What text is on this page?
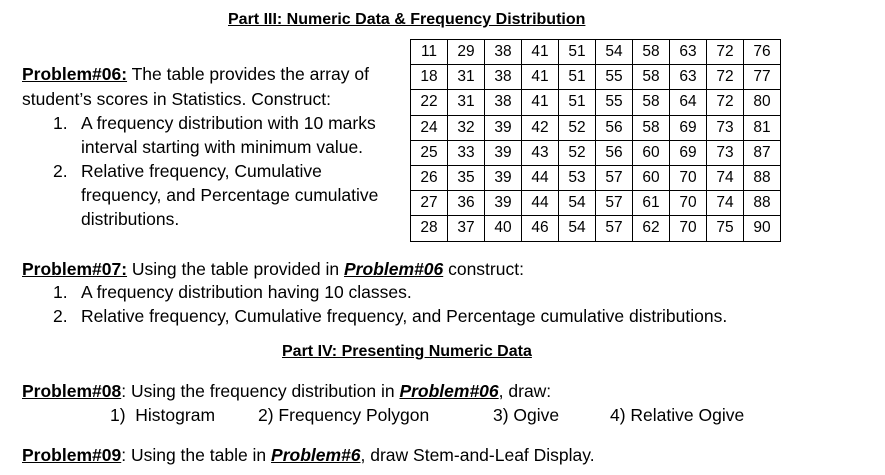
Part III: Numeric Data & Frequency Distribution
Problem#06: The table provides the array of
student’s scores in Statistics. Construct:
1. A frequency distribution with 10 marks
interval starting with minimum value.
2. Relative frequency, Cumulative
frequency, and Percentage cumulative
distributions.
11	29	38	41	51	54	58	63	72	76
18	31	38	41	51	55	58	63	72	77
22	31	38	41	51	55	58	64	72	80
24	32	39	42	52	56	58	69	73	81
25	33	39	43	52	56	60	69	73	87
26	35	39	44	53	57	60	70	74	88
27	36	39	44	54	57	61	70	74	88
28	37	40	46	54	57	62	70	75	90
Problem#07: Using the table provided in Problem#06 construct:
1. A frequency distribution having 10 classes.
2. Relative frequency, Cumulative frequency, and Percentage cumulative distributions.
Part IV: Presenting Numeric Data
Problem#08: Using the frequency distribution in Problem#06, draw:
1)  Histogram 2) Frequency Polygon	3) Ogive	4) Relative Ogive
Problem#09: Using the table in Problem#6, draw Stem-and-Leaf Display.
